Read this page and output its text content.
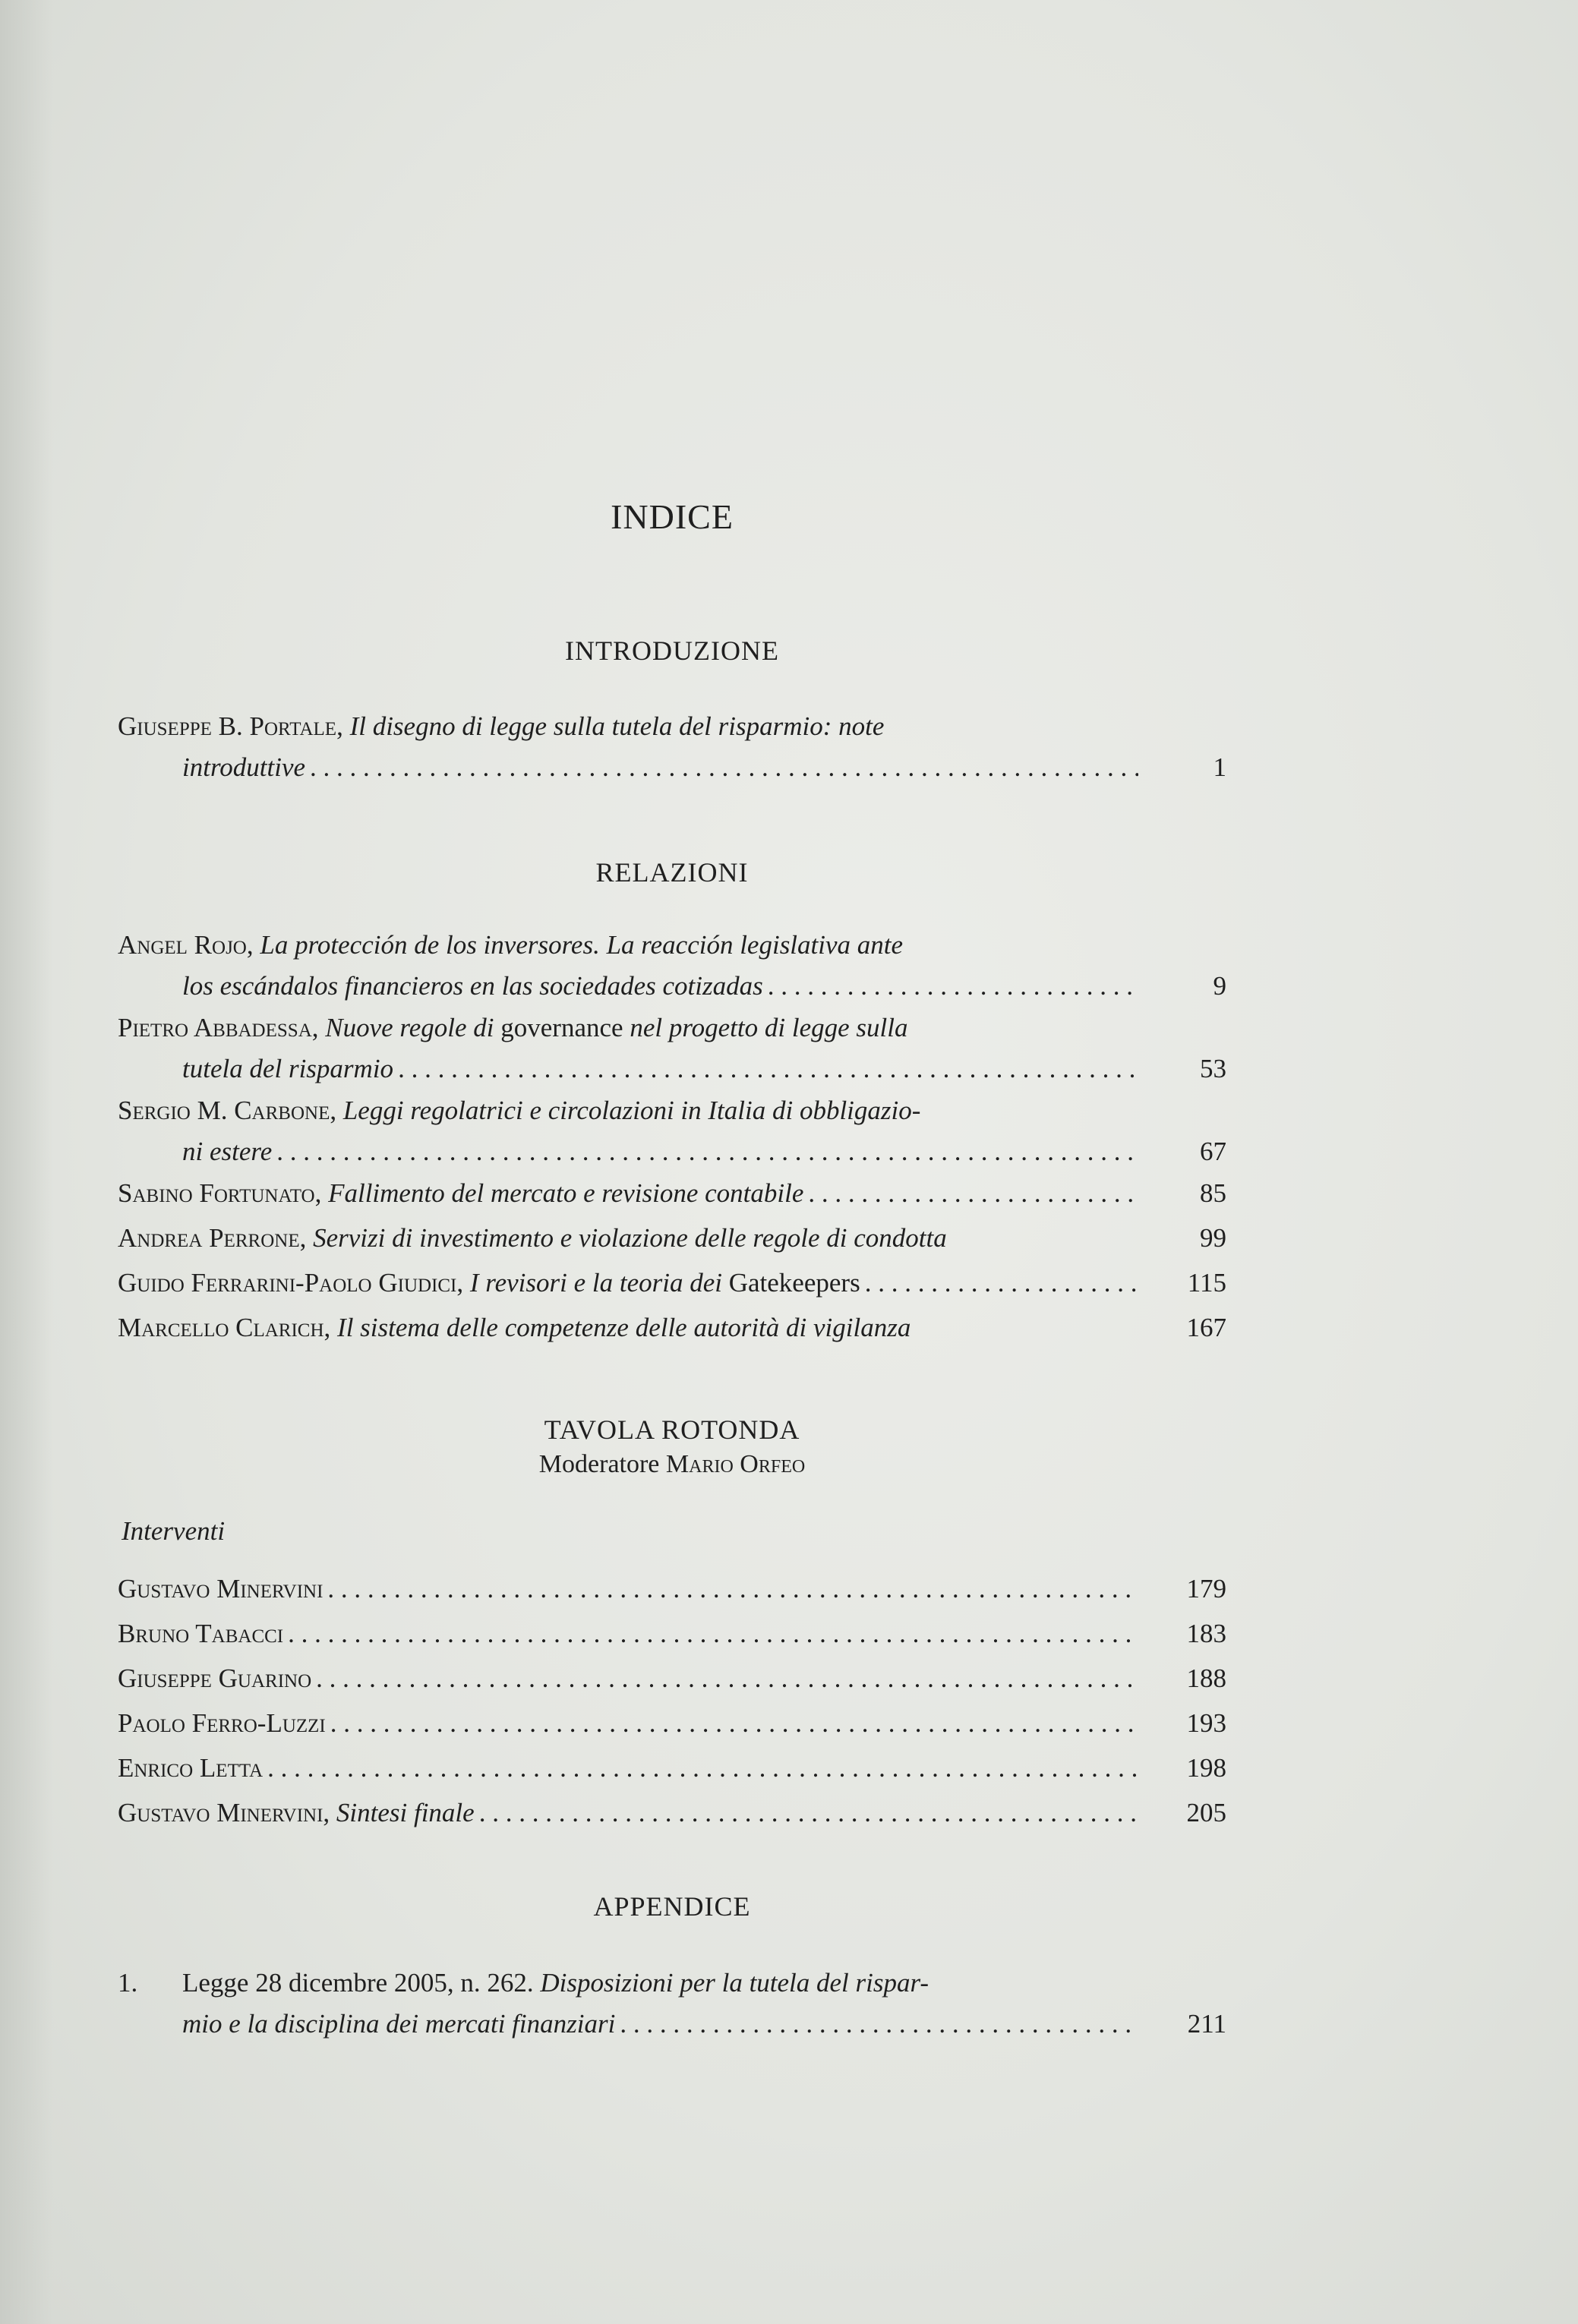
INDICE
INTRODUZIONE
Giuseppe B. Portale, Il disegno di legge sulla tutela del risparmio: note
introduttive . . .	1
RELAZIONI
Angel Rojo, La protección de los inversores. La reacción legislativa ante
los escándalos financieros en las sociedades cotizadas . . .	9
Pietro Abbadessa, Nuove regole di governance nel progetto di legge sulla
tutela del risparmio . . .	53
Sergio M. Carbone, Leggi regolatrici e circolazioni in Italia di obbligazio-
ni estere . . .	67
Sabino Fortunato, Fallimento del mercato e revisione contabile . . .	85
Andrea Perrone, Servizi di investimento e violazione delle regole di condotta	99
Guido Ferrarini-Paolo Giudici, I revisori e la teoria dei Gatekeepers . . .	115
Marcello Clarich, Il sistema delle competenze delle autorità di vigilanza	167
TAVOLA ROTONDA
Moderatore Mario Orfeo
Interventi
Gustavo Minervini . . .	179
Bruno Tabacci . . .	183
Giuseppe Guarino . . .	188
Paolo Ferro-Luzzi . . .	193
Enrico Letta . . .	198
Gustavo Minervini, Sintesi finale . . .	205
APPENDICE
1. Legge 28 dicembre 2005, n. 262. Disposizioni per la tutela del rispar-
mio e la disciplina dei mercati finanziari . . .	211
